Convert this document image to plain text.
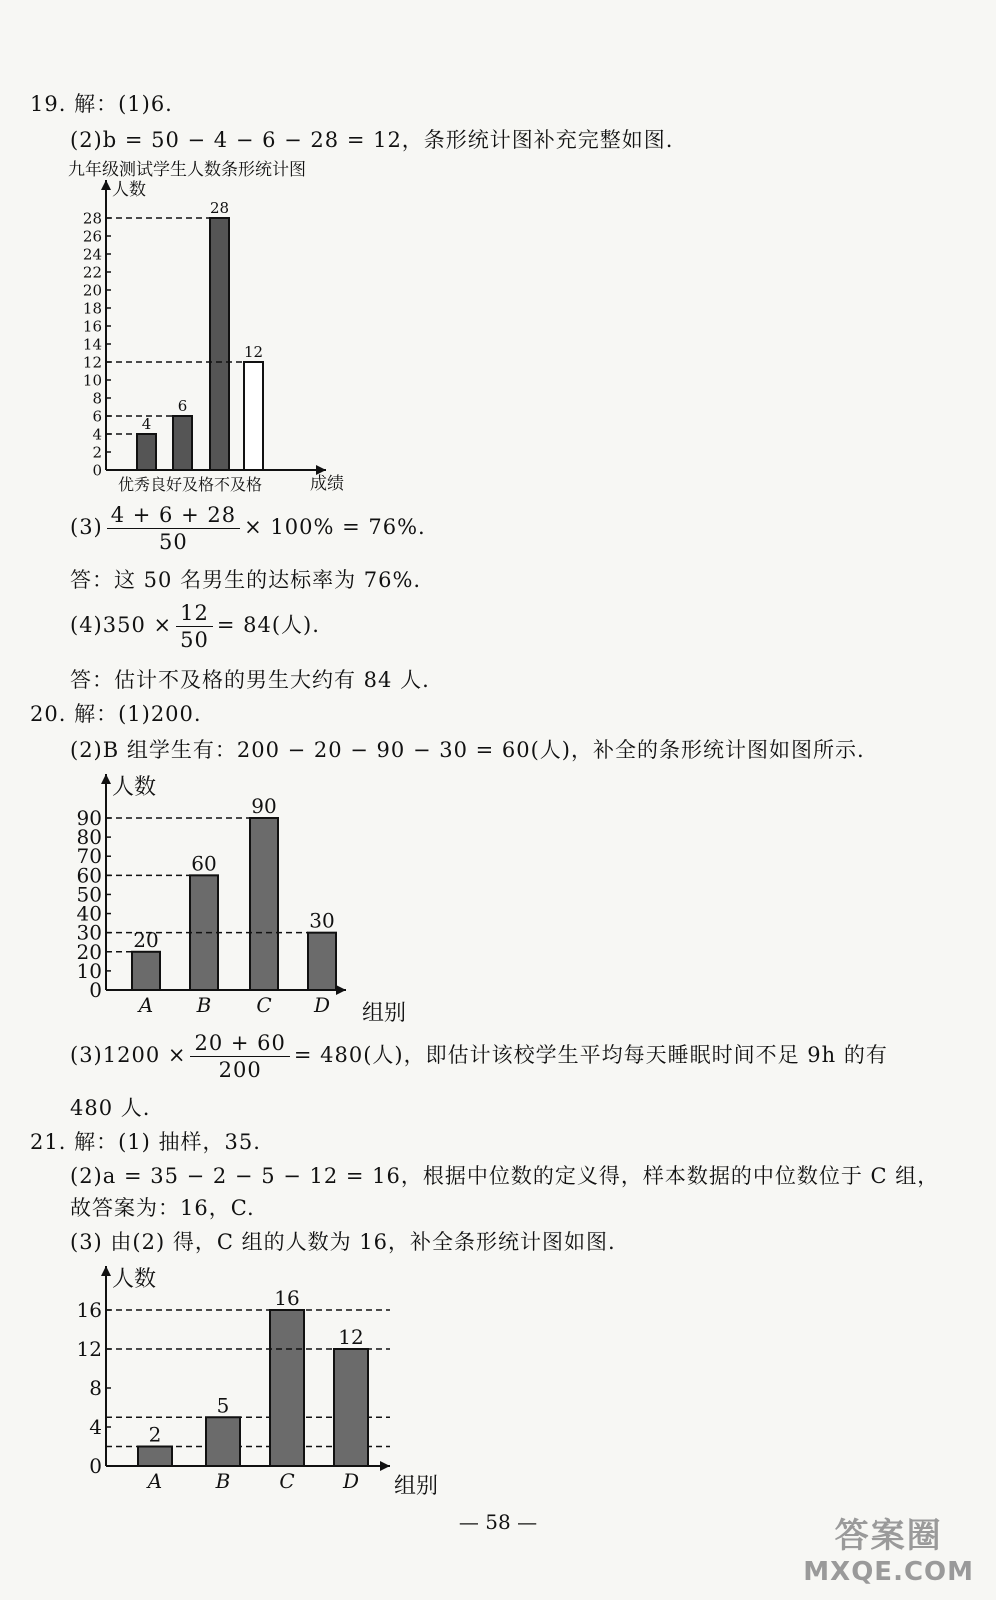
19. 解：(1)6.
(2)b = 50 − 4 − 6 − 28 = 12，条形统计图补充完整如图.
九年级测试学生人数条形统计图
人数
0
2
4
6
8
10
12
14
16
18
20
22
24
26
28
4
6
28
12
优秀良好及格不及格	成绩
$(3) \frac{4 + 6 + 28}{50} \times 100\% = 76\%$.
答：这 50 名男生的达标率为 76%.
$(4)350 \times \frac{12}{50} = 84$(人).
答：估计不及格的男生大约有 84 人.
20. 解：(1)200.
(2)B 组学生有：200 − 20 − 90 − 30 = 60(人)，补全的条形统计图如图所示.
人数
0
10
20
30
40
50
60
70
80
90
20
60
90
30
A B C D 组别
$(3)1200 \times \frac{20 + 60}{200} = 480$(人)，即估计该校学生平均每天睡眠时间不足 9h 的有
480 人.
21. 解：(1) 抽样，35.
(2)a = 35 − 2 − 5 − 12 = 16，根据中位数的定义得，样本数据的中位数位于 C 组，
故答案为：16，C.
(3) 由(2) 得，C 组的人数为 16，补全条形统计图如图.
人数
0
4
8
12
16
2
5
16
12
A	B C D 组别
— 58 —	答案圈
MXQE.COM
